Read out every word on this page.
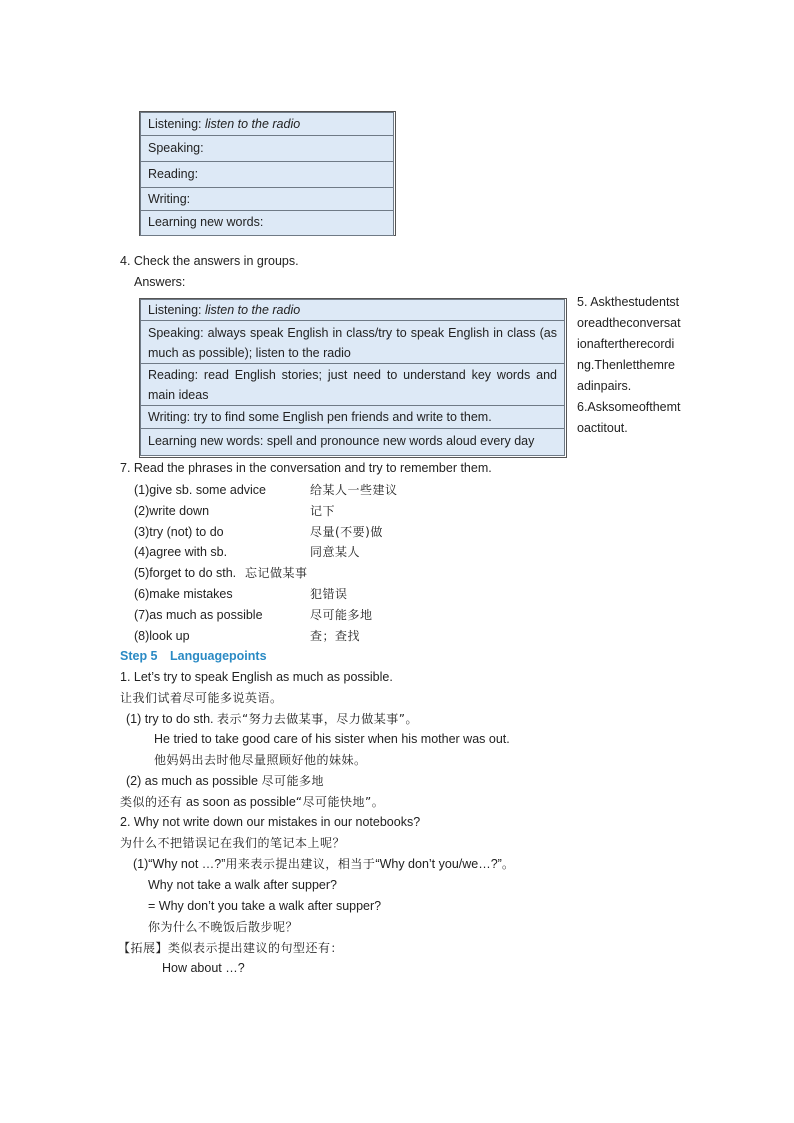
Listening: listen to the radio
Speaking:
Reading:
Writing:
Learning new words:
4. Check the answers in groups.
Answers:
Listening: listen to the radio
Speaking: always speak English in class/try to speak English in class (as much as possible); listen to the radio
Reading: read English stories; just need to understand key words and main ideas
Writing: try to find some English pen friends and write to them.
Learning new words: spell and pronounce new words aloud every day
5. Askthestudentstoreadtheconversationaftertherecording.Thenletthemreadinpairs.
6.Asksomeofthemtoactitout.
7. Read the phrases in the conversation and try to remember them.
(1)give sb. some advice	给某人一些建议
(2)write down	记下
(3)try (not) to do	尽量(不要)做
(4)agree with sb.	同意某人
(5)forget to do sth. 忘记做某事
(6)make mistakes	犯错误
(7)as much as possible	尽可能多地
(8)look up	查；查找
Step 5 Languagepoints
1. Let’s try to speak English as much as possible.
让我们试着尽可能多说英语。
(1) try to do sth. 表示“努力去做某事，尽力做某事”。
He tried to take good care of his sister when his mother was out.
他妈妈出去时他尽量照顾好他的妹妹。
(2) as much as possible 尽可能多地
类似的还有 as soon as possible“尽可能快地”。
2. Why not write down our mistakes in our notebooks?
为什么不把错误记在我们的笔记本上呢？
(1)“Why not …?”用来表示提出建议，相当于“Why don’t you/we…?”。
Why not take a walk after supper?
= Why don’t you take a walk after supper?
你为什么不晚饭后散步呢？
【拓展】类似表示提出建议的句型还有：
How about …?
